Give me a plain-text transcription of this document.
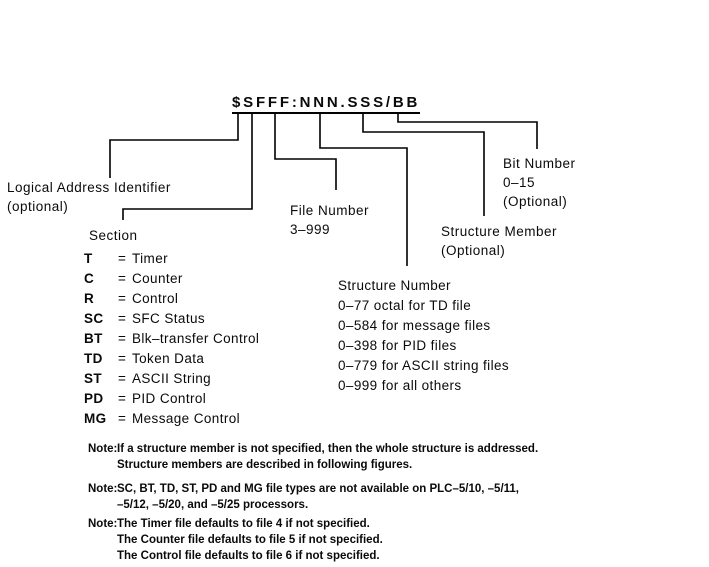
$SFFF:NNN.SSS/BB
Logical Address Identifier
(optional)
Section
T = Timer
C = Counter
R = Control
SC = SFC Status
BT = Blk–transfer Control
TD = Token Data
ST = ASCII String
PD = PID Control
MG = Message Control
File Number
3–999
Bit Number
0–15
(Optional)
Structure Member
(Optional)
Structure Number
0–77 octal for TD file
0–584 for message files
0–398 for PID files
0–779 for ASCII string files
0–999 for all others
Note:If a structure member is not specified, then the whole structure is addressed.
Structure members are described in following figures.
Note:SC, BT, TD, ST, PD and MG file types are not available on PLC–5/10, –5/11,
–5/12, –5/20, and –5/25 processors.
Note:The Timer file defaults to file 4 if not specified.
The Counter file defaults to file 5 if not specified.
The Control file defaults to file 6 if not specified.
